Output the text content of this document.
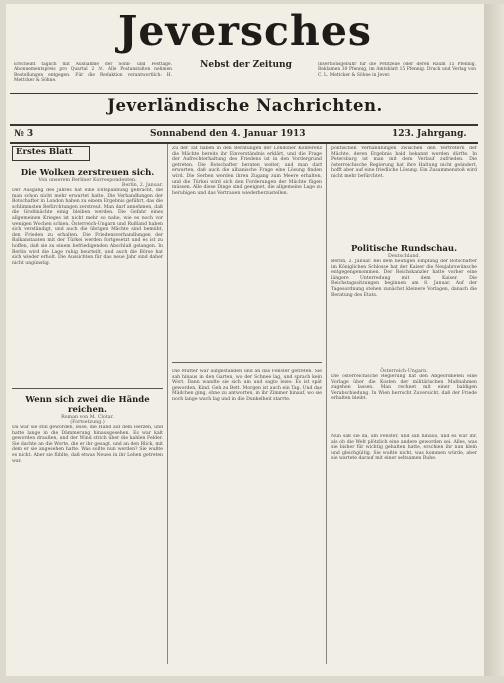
Jeversches
Erscheint täglich mit Ausnahme der Sonn- und Festtage. Abonnementspreis pro Quartal 2 ℳ. Alle Postanstalten nehmen Bestellungen entgegen. Für die Redaktion verantwortlich: H. Mettcker & Söhne.
Nebst der Zeitung	Insertionsgebühr für die Petitzeile oder deren Raum 15 Pfennig, Reklamen 30 Pfennig, im Amtsblatt 15 Pfennig. Druck und Verlag von C. L. Mettcker & Söhne in Jever.
Jeverländische Nachrichten.
№ 3	Sonnabend den 4. Januar 1913	123. Jahrgang.
Erstes Blatt
Die Wolken zerstreuen sich.
Von unserem Berliner Korrespondenten.
Berlin, 2. Januar.

Der Ausgang des Jahres hat eine Entspannung gebracht, die man schon nicht mehr erwartet hatte. Die Verhandlungen der Botschafter in London haben zu einem Ergebnis geführt, das die schlimmsten Befürchtungen zerstreut. Man darf annehmen, daß die Großmächte einig bleiben werden. Die Gefahr eines allgemeinen Krieges ist nicht mehr so nahe, wie es noch vor wenigen Wochen schien. Österreich-Ungarn und Rußland haben sich verständigt, und auch die übrigen Mächte sind bemüht, den Frieden zu erhalten. Die Friedensverhandlungen der Balkanstaaten mit der Türkei werden fortgesetzt und es ist zu hoffen, daß sie zu einem befriedigenden Abschluß gelangen. In Berlin wird die Lage ruhig beurteilt, und auch die Börse hat sich wieder erholt. Die Aussichten für das neue Jahr sind daher nicht ungünstig.

Wenn sich zwei die Hände reichen.
Roman von M. Clotar.
(Fortsetzung.)

Da war sie still geworden, leise, die Hand auf dem Herzen, und hatte lange in die Dämmerung hinausgesehen. Es war kalt geworden draußen, und der Wind strich über die kahlen Felder. Sie dachte an die Worte, die er ihr gesagt, und an den Blick, mit dem er sie angesehen hatte. Was sollte nun werden? Sie wußte es nicht. Aber sie fühlte, daß etwas Neues in ihr Leben getreten war.

Zu der Tat haben in den Beratungen der Londoner Konferenz die Mächte bereits ihr Einverständnis erklärt, und die Frage der Aufrechterhaltung des Friedens ist in den Vordergrund getreten. Die Botschafter beraten weiter, und man darf erwarten, daß auch die albanische Frage eine Lösung finden wird. Die Serben werden ihren Zugang zum Meere erhalten, und die Türkei wird sich den Forderungen der Mächte fügen müssen. Alle diese Dinge sind geeignet, die allgemeine Lage zu beruhigen und das Vertrauen wiederherzustellen.

Die Mutter war aufgestanden und an das Fenster getreten. Sie sah hinaus in den Garten, wo der Schnee lag, und sprach kein Wort. Dann wandte sie sich um und sagte leise: Es ist spät geworden, Kind. Geh zu Bett. Morgen ist auch ein Tag. Und das Mädchen ging, ohne zu antworten, in ihr Zimmer hinauf, wo sie noch lange wach lag und in die Dunkelheit starrte.

politischen Verhandlungen zwischen den Vertretern der Mächte, deren Ergebnis bald bekannt werden dürfte. In Petersburg ist man mit dem Verlauf zufrieden. Die österreichische Regierung hat ihre Haltung nicht geändert, hofft aber auf eine friedliche Lösung. Ein Zusammenstoß wird nicht mehr befürchtet.

Politische Rundschau.
Deutschland.

Berlin, 2. Januar. Bei dem heutigen Empfang der Botschafter im Königlichen Schlosse hat der Kaiser die Neujahrswünsche entgegengenommen. Der Reichskanzler hatte vorher eine längere Unterredung mit dem Kaiser. Die Reichstagssitzungen beginnen am 8. Januar. Auf der Tagesordnung stehen zunächst kleinere Vorlagen, danach die Beratung des Etats.

Österreich-Ungarn.

Die österreichische Regierung hat den Abgeordneten eine Vorlage über die Kosten der militärischen Maßnahmen zugehen lassen. Man rechnet mit einer baldigen Verabschiedung. In Wien herrscht Zuversicht, daß der Friede erhalten bleibt.

Nun saß sie da, am Fenster, und sah hinaus, und es war ihr, als ob die Welt plötzlich eine andere geworden sei. Alles, was sie bisher für wichtig gehalten hatte, erschien ihr nun klein und gleichgültig. Sie wußte nicht, was kommen würde, aber sie wartete darauf mit einer seltsamen Ruhe.
